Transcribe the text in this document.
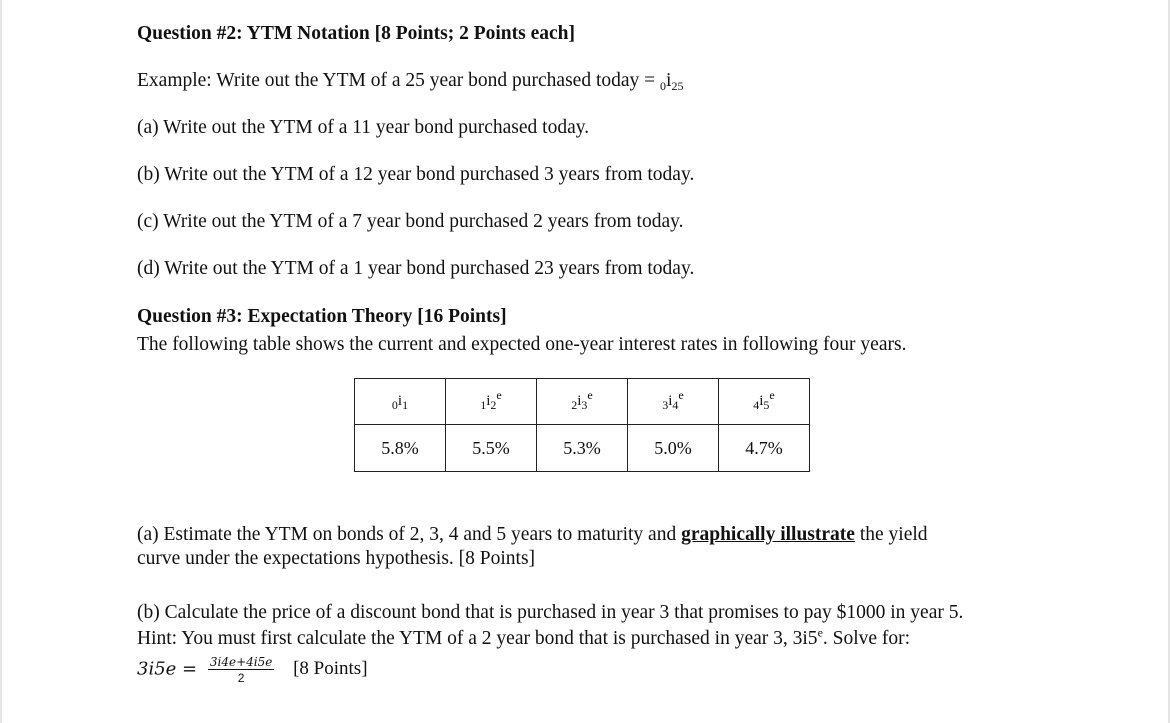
Question #2: YTM Notation [8 Points; 2 Points each]
Example: Write out the YTM of a 25 year bond purchased today = $_0i_{25}$
(a) Write out the YTM of a 11 year bond purchased today.
(b) Write out the YTM of a 12 year bond purchased 3 years from today.
(c) Write out the YTM of a 7 year bond purchased 2 years from today.
(d) Write out the YTM of a 1 year bond purchased 23 years from today.
Question #3: Expectation Theory [16 Points]
The following table shows the current and expected one-year interest rates in following four years.
$_0i_1$	$_1i_2^e$	$_2i_3^e$	$_3i_4^e$	$_4i_5^e$
5.8%	5.5%	5.3%	5.0%	4.7%
(a) Estimate the YTM on bonds of 2, 3, 4 and 5 years to maturity and graphically illustrate the yield
curve under the expectations hypothesis. [8 Points]
(b) Calculate the price of a discount bond that is purchased in year 3 that promises to pay $1000 in year 5.
Hint: You must first calculate the YTM of a 2 year bond that is purchased in year 3, 3i5e. Solve for:
$3i5e = \frac{3i4e+4i5e}{2} [8$ Points]
